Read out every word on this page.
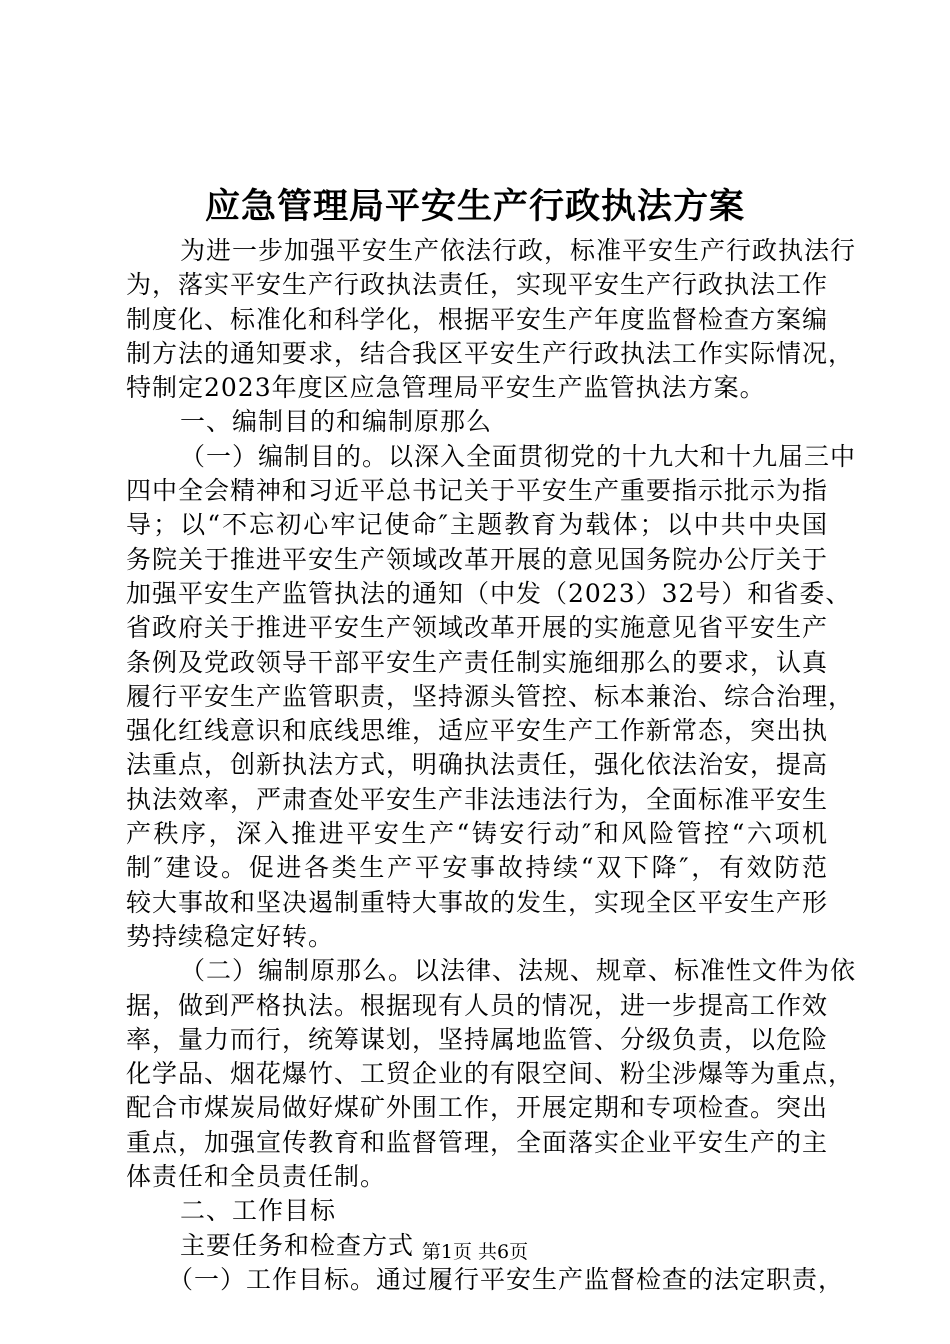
应急管理局平安生产行政执法方案
为进一步加强平安生产依法行政，标准平安生产行政执法行
为，落实平安生产行政执法责任，实现平安生产行政执法工作
制度化、标准化和科学化，根据平安生产年度监督检查方案编
制方法的通知要求，结合我区平安生产行政执法工作实际情况，
特制定2023年度区应急管理局平安生产监管执法方案。
一、编制目的和编制原那么
（一）编制目的。以深入全面贯彻党的十九大和十九届三中
四中全会精神和习近平总书记关于平安生产重要指示批示为指
导；以“不忘初心牢记使命″主题教育为载体；以中共中央国
务院关于推进平安生产领域改革开展的意见国务院办公厅关于
加强平安生产监管执法的通知（中发（2023）32号）和省委、
省政府关于推进平安生产领域改革开展的实施意见省平安生产
条例及党政领导干部平安生产责任制实施细那么的要求，认真
履行平安生产监管职责，坚持源头管控、标本兼治、综合治理，
强化红线意识和底线思维，适应平安生产工作新常态，突出执
法重点，创新执法方式，明确执法责任，强化依法治安，提高
执法效率，严肃查处平安生产非法违法行为，全面标准平安生
产秩序，深入推进平安生产“铸安行动″和风险管控“六项机
制″建设。促进各类生产平安事故持续“双下降″，有效防范
较大事故和坚决遏制重特大事故的发生，实现全区平安生产形
势持续稳定好转。
（二）编制原那么。以法律、法规、规章、标准性文件为依
据，做到严格执法。根据现有人员的情况，进一步提高工作效
率，量力而行，统筹谋划，坚持属地监管、分级负责，以危险
化学品、烟花爆竹、工贸企业的有限空间、粉尘涉爆等为重点，
配合市煤炭局做好煤矿外围工作，开展定期和专项检查。突出
重点，加强宣传教育和监督管理，全面落实企业平安生产的主
体责任和全员责任制。
二、工作目标
主要任务和检查方式
（一）工作目标。通过履行平安生产监督检查的法定职责，
第1页 共6页
